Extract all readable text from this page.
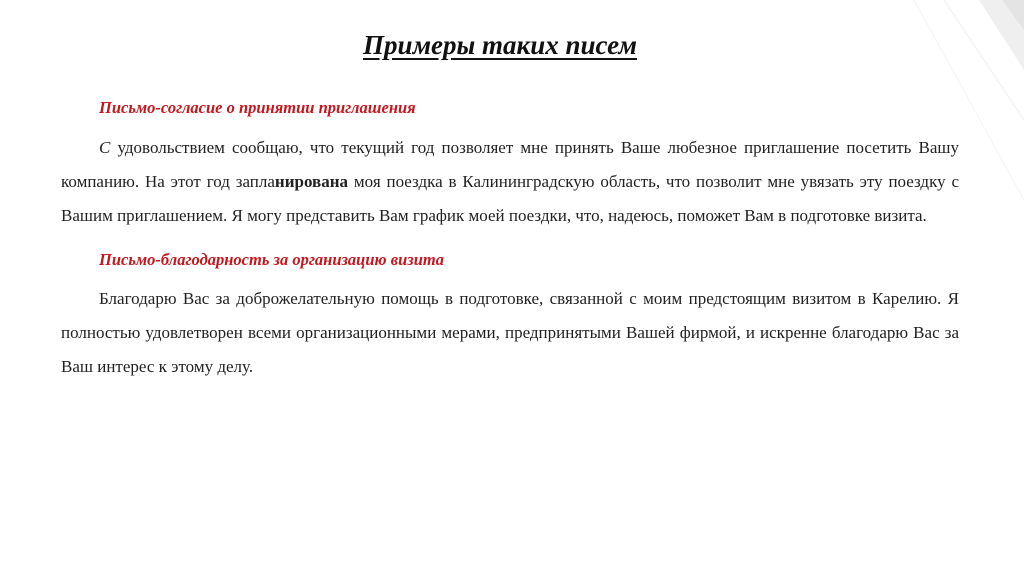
Примеры таких писем

Письмо-согласие о принятии приглашения

С удовольствием сообщаю, что текущий год позволяет мне принять Ваше любезное приглашение посетить Вашу компанию. На этот год запланирована моя поездка в Калининградскую область, что позволит мне увязать эту поездку с Вашим приглашением. Я могу представить Вам график моей поездки, что, надеюсь, поможет Вам в подготовке визита.

Письмо-благодарность за организацию визита

Благодарю Вас за доброжелательную помощь в подготовке, связанной с моим предстоящим визитом в Карелию. Я полностью удовлетворен всеми организационными мерами, предпринятыми Вашей фирмой, и искренне благодарю Вас за Ваш интерес к этому делу.
